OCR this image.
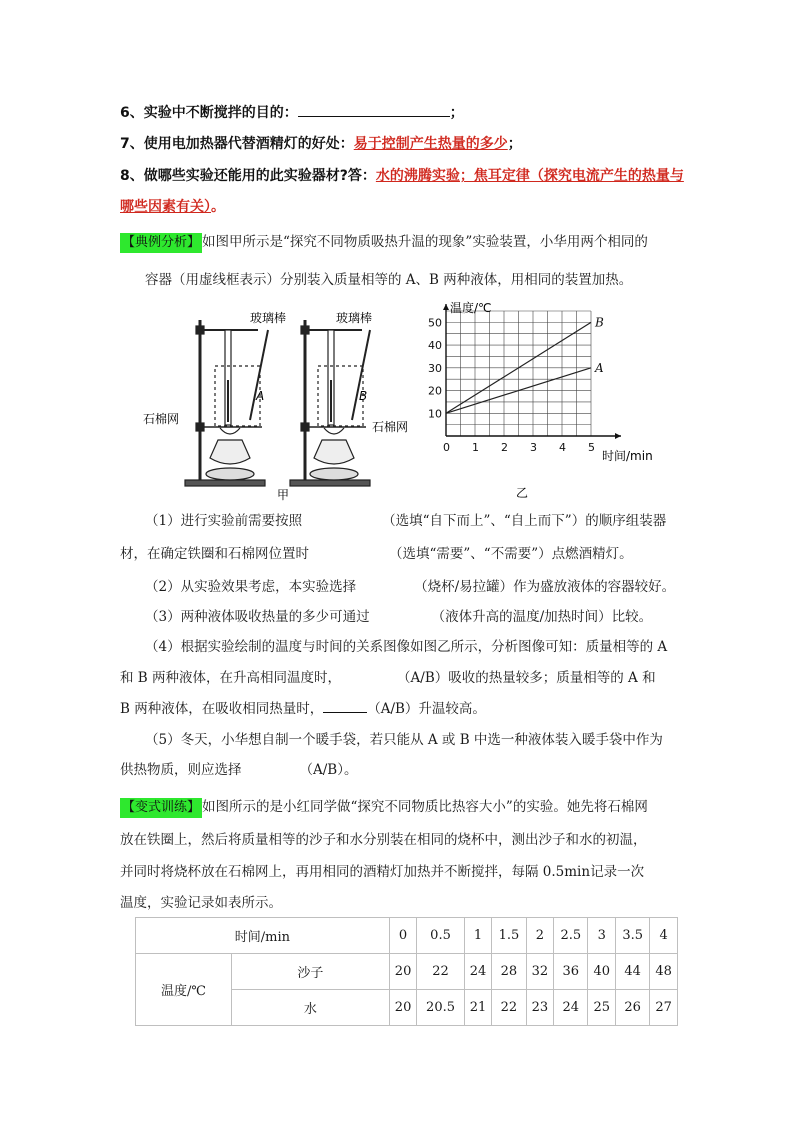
6、实验中不断搅拌的目的：	；
7、使用电加热器代替酒精灯的好处：易于控制产生热量的多少；
8、做哪些实验还能用的此实验器材?答：水的沸腾实验；焦耳定律（探究电流产生的热量与
哪些因素有关）。
【典例分析】 如图甲所示是“探究不同物质吸热升温的现象”实验装置，小华用两个相同的
容器（用虚线框表示）分别装入质量相等的 A、B 两种液体，用相同的装置加热。
玻璃棒	玻璃棒
石棉网
石棉网
A	B
甲
0 1 2 3 4 5
10
20
30
40
50
A
B
温度/℃
时间/min
乙
（1）进行实验前需要按照	（选填“自下而上”、“自上而下”）的顺序组装器
材，在确定铁圈和石棉网位置时	（选填“需要”、“不需要”）点燃酒精灯。
（2）从实验效果考虑，本实验选择	（烧杯/易拉罐）作为盛放液体的容器较好。
（3）两种液体吸收热量的多少可通过	（液体升高的温度/加热时间）比较。
（4）根据实验绘制的温度与时间的关系图像如图乙所示，分析图像可知：质量相等的 A
和 B 两种液体，在升高相同温度时，	（A/B）吸收的热量较多；质量相等的 A 和
B 两种液体，在吸收相同热量时，	（A/B）升温较高。
（5）冬天，小华想自制一个暖手袋，若只能从 A 或 B 中选一种液体装入暖手袋中作为
供热物质，则应选择	（A/B）。
【变式训练】 如图所示的是小红同学做“探究不同物质比热容大小”的实验。她先将石棉网
放在铁圈上，然后将质量相等的沙子和水分别装在相同的烧杯中，测出沙子和水的初温，
并同时将烧杯放在石棉网上，再用相同的酒精灯加热并不断搅拌，每隔 0.5min记录一次
温度，实验记录如表所示。
时间/min		0	0.5	1	1.5	2	2.5	3	3.5	4
温度/℃	沙子	20	22	24	28	32	36	40	44	48
	水	20	20.5	21	22	23	24	25	26	27
